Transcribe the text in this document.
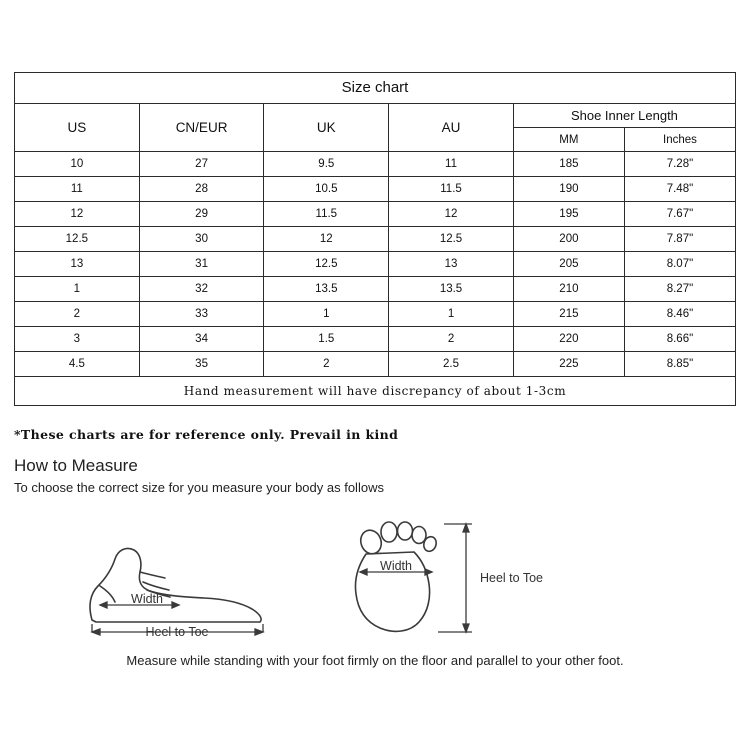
Size chart					
US	CN/EUR	UK	AU	Shoe Inner Length	
				MM	Inches
10	27	9.5	11	185	7.28"
11	28	10.5	11.5	190	7.48"
12	29	11.5	12	195	7.67"
12.5	30	12	12.5	200	7.87"
13	31	12.5	13	205	8.07"
1	32	13.5	13.5	210	8.27"
2	33	1	1	215	8.46"
3	34	1.5	2	220	8.66"
4.5	35	2	2.5	225	8.85"
Hand measurement will have discrepancy of about 1-3cm					
*These charts are for reference only. Prevail in kind
How to Measure
To choose the correct size for you measure your body as follows
Width
Heel to Toe
Width
Heel to Toe
Measure while standing with your foot firmly on the floor and parallel to your other foot.
